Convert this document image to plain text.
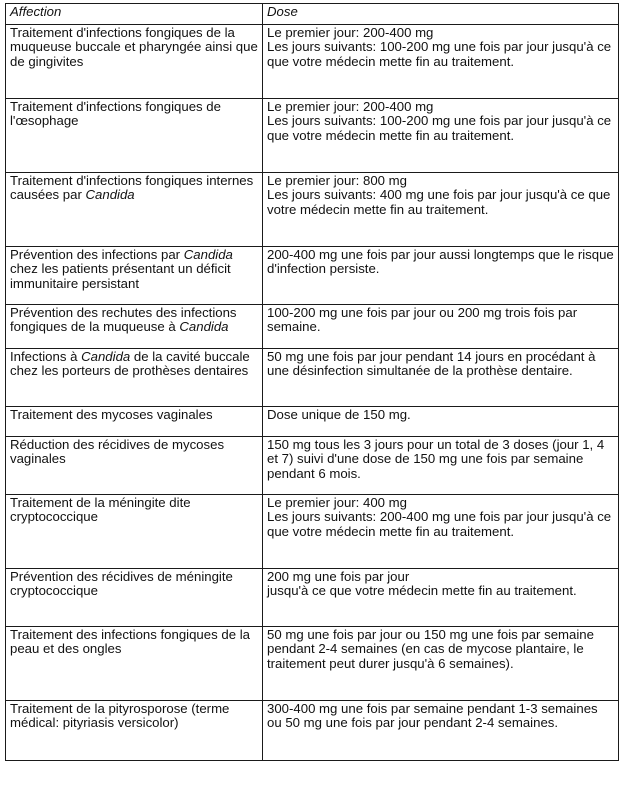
Affection	Dose
Traitement d'infections fongiques de la muqueuse buccale et pharyngée ainsi que de gingivites	Le premier jour: 200-400 mg
Les jours suivants: 100-200 mg une fois par jour jusqu'à ce que votre médecin mette fin au traitement.

Traitement d'infections fongiques de l'œsophage	Le premier jour: 200-400 mg
Les jours suivants: 100-200 mg une fois par jour jusqu'à ce que votre médecin mette fin au traitement.

Traitement d'infections fongiques internes causées par Candida	Le premier jour: 800 mg
Les jours suivants: 400 mg une fois par jour jusqu'à ce que votre médecin mette fin au traitement.

Prévention des infections par Candida chez les patients présentant un déficit immunitaire persistant	200-400 mg une fois par jour aussi longtemps que le risque d'infection persiste.
Prévention des rechutes des infections fongiques de la muqueuse à Candida	100-200 mg une fois par jour ou 200 mg trois fois par semaine.
Infections à Candida de la cavité buccale chez les porteurs de prothèses dentaires	50 mg une fois par jour pendant 14 jours en procédant à une désinfection simultanée de la prothèse dentaire.
Traitement des mycoses vaginales	Dose unique de 150 mg.
Réduction des récidives de mycoses vaginales	150 mg tous les 3 jours pour un total de 3 doses (jour 1, 4 et 7) suivi d'une dose de 150 mg une fois par semaine pendant 6 mois.
Traitement de la méningite dite cryptococcique	Le premier jour: 400 mg
Les jours suivants: 200-400 mg une fois par jour jusqu'à ce que votre médecin mette fin au traitement.

Prévention des récidives de méningite cryptococcique	200 mg une fois par jour
jusqu'à ce que votre médecin mette fin au traitement.

Traitement des infections fongiques de la peau et des ongles	50 mg une fois par jour ou 150 mg une fois par semaine pendant 2-4 semaines (en cas de mycose plantaire, le traitement peut durer jusqu'à 6 semaines).
Traitement de la pityrosporose (terme médical: pityriasis versicolor)	300-400 mg une fois par semaine pendant 1-3 semaines ou 50 mg une fois par jour pendant 2-4 semaines.
